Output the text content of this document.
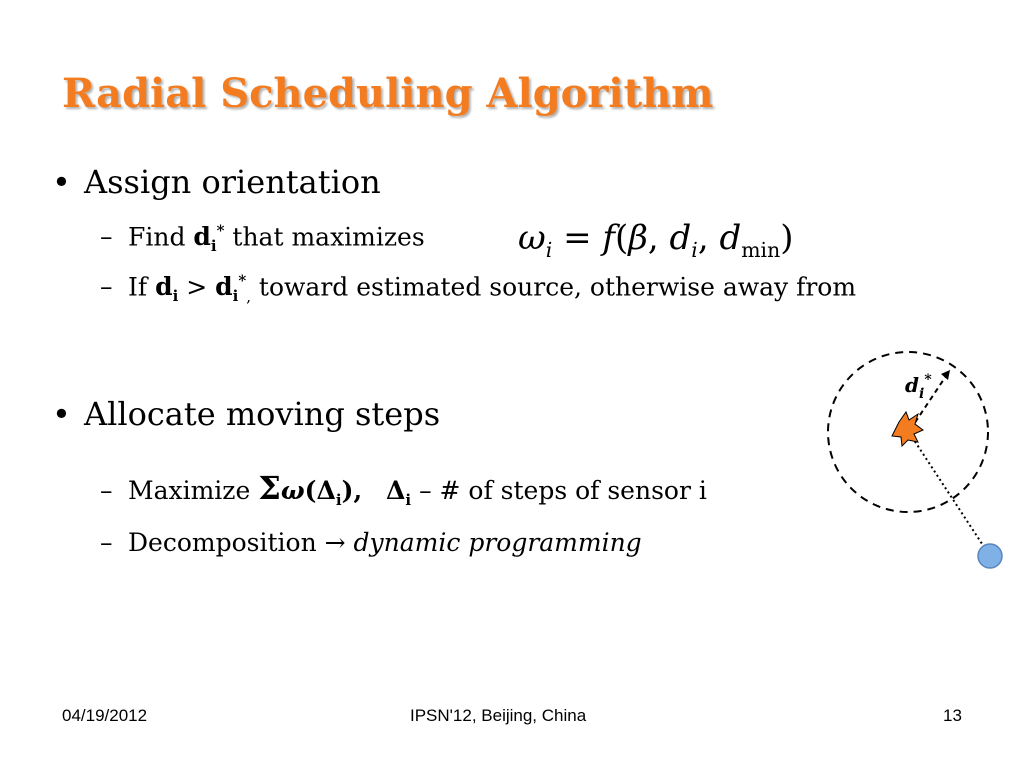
Radial Scheduling Algorithm
• Assign orientation
– Find $d_i^*$ that maximizes	$\omega_i = f(\beta$, $d_i$, $d_{min}$)
– If $d_i > d_i^*_,$ toward estimated source, otherwise away from
• Allocate moving steps
– Maximize $\Sigma\omega(\Delta_i)$, $\Delta_i$ – # of steps of sensor i
– Decomposition → dynamic programming
$d_i^*$
04/19/2012	IPSN'12, Beijing, China	13
